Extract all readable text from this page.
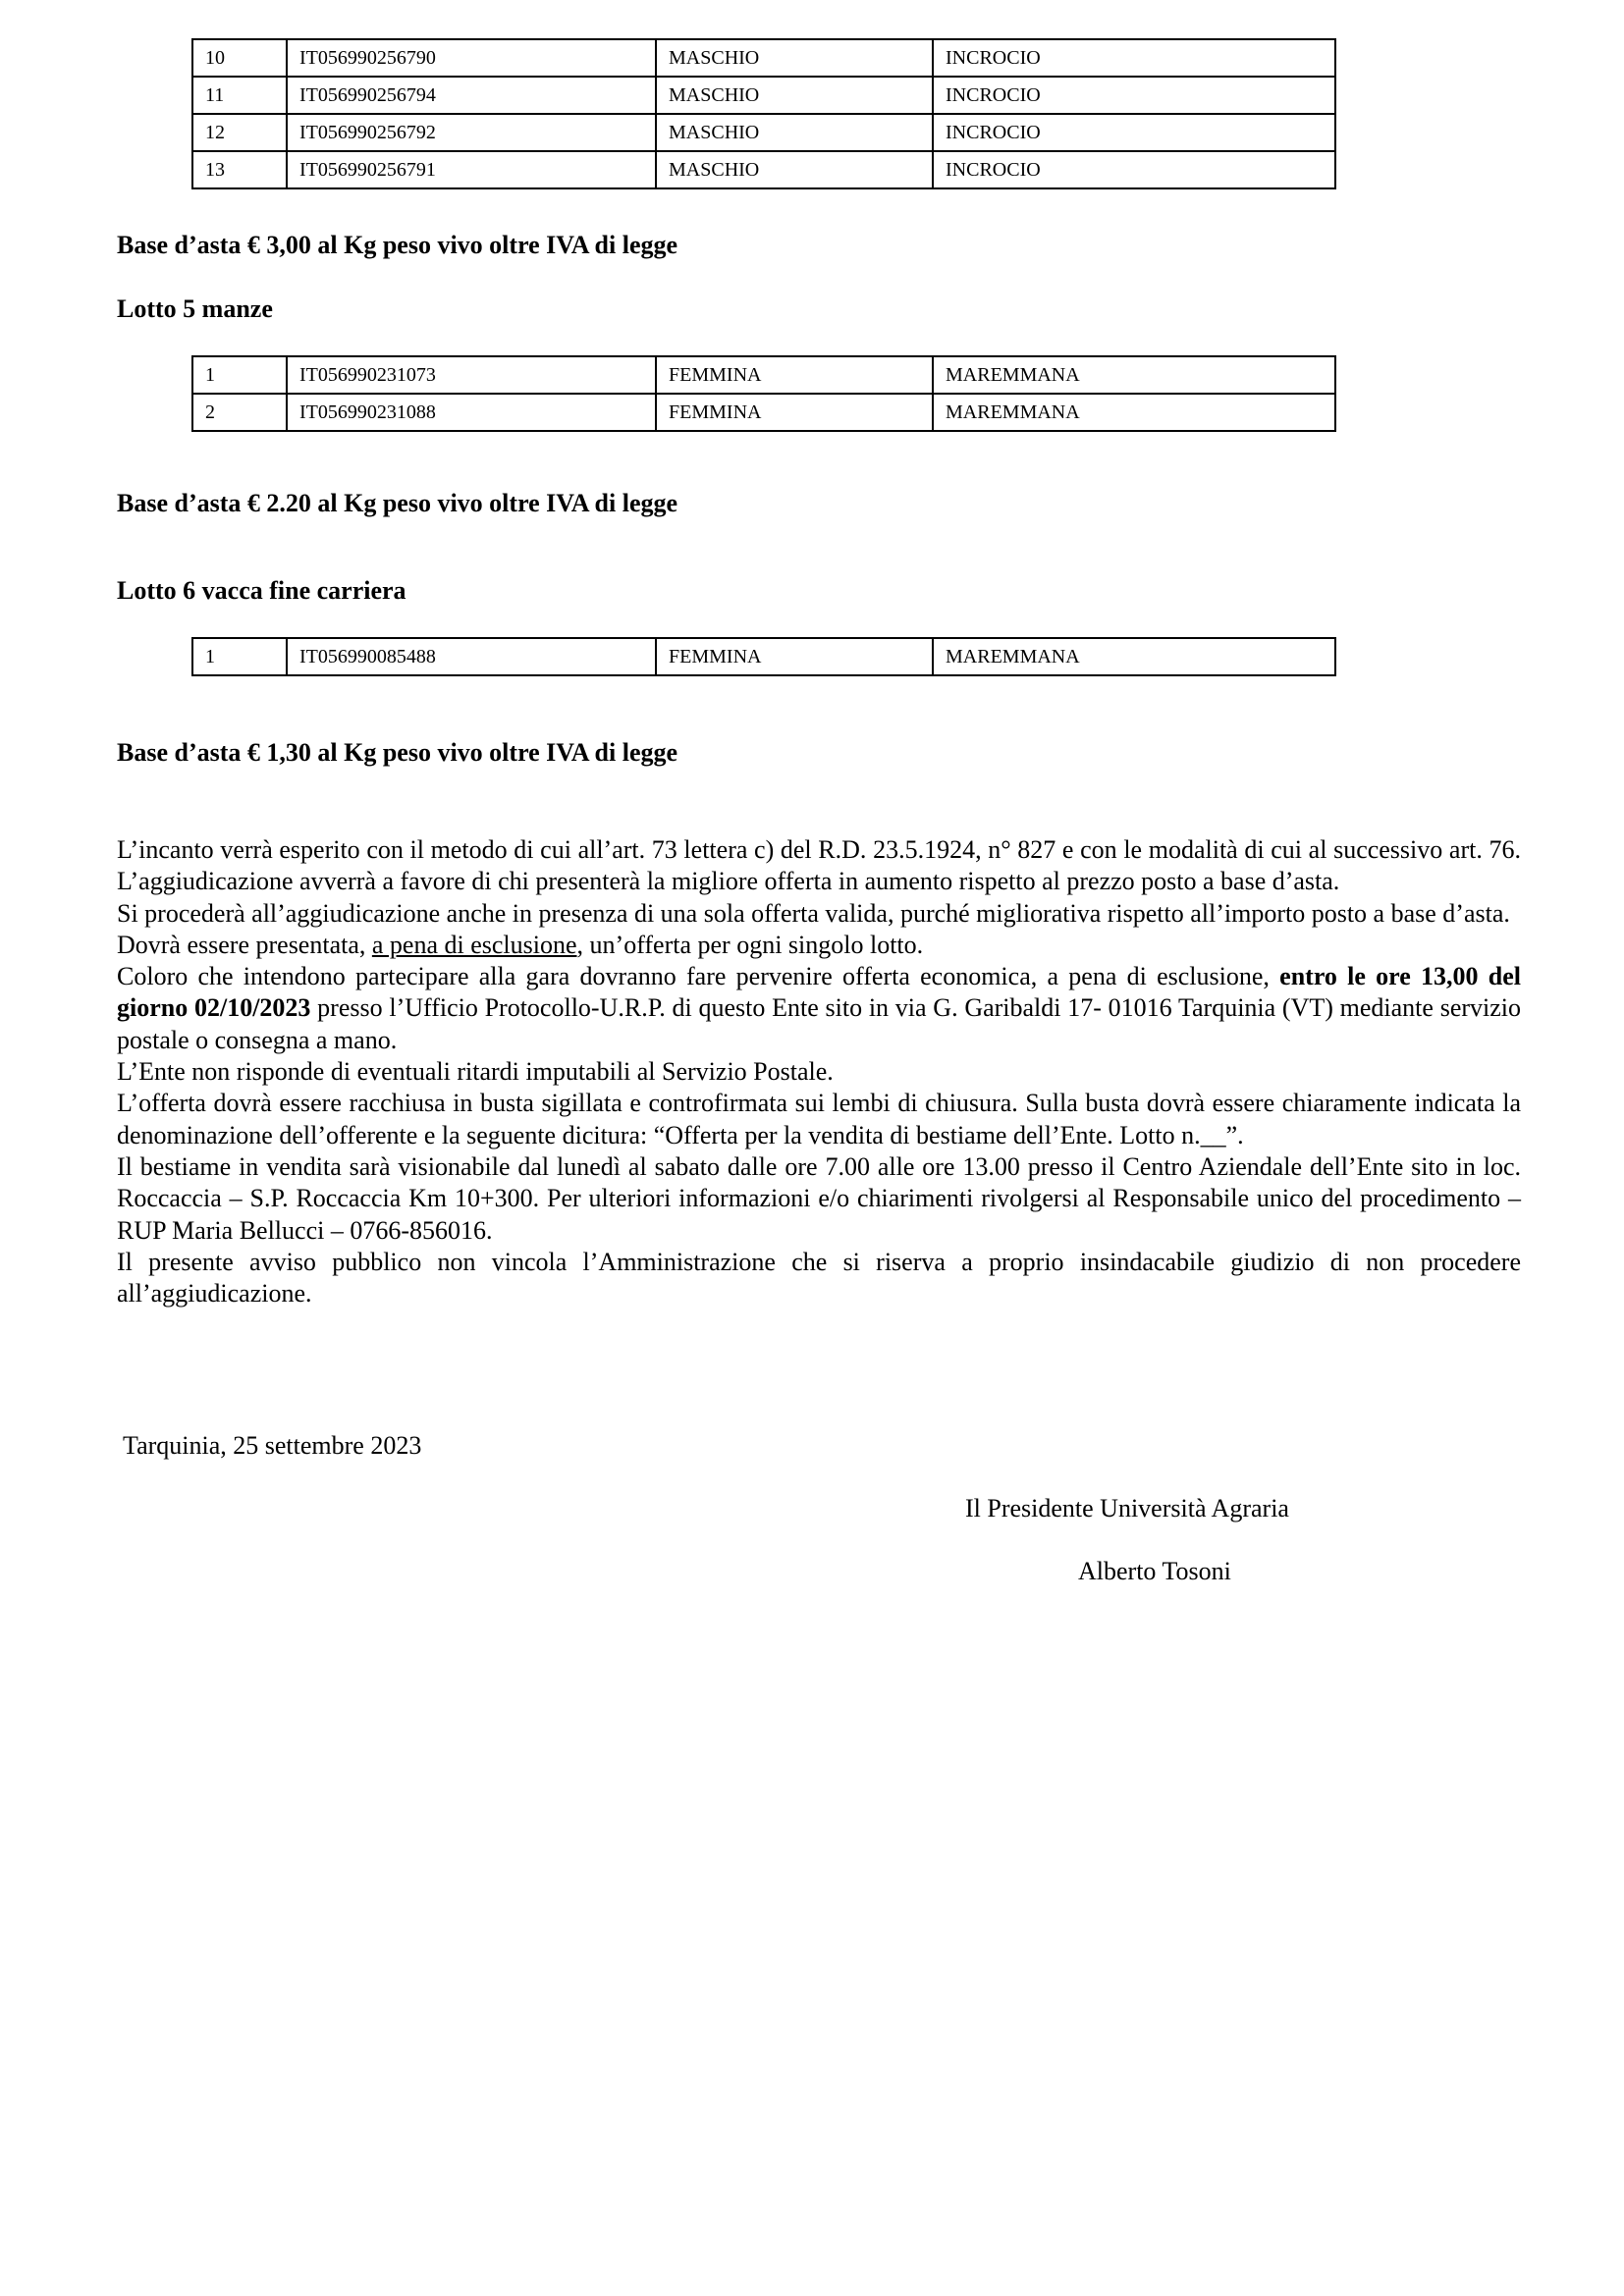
10	IT056990256790	MASCHIO	INCROCIO
11	IT056990256794	MASCHIO	INCROCIO
12	IT056990256792	MASCHIO	INCROCIO
13	IT056990256791	MASCHIO	INCROCIO
Base d’asta € 3,00 al Kg peso vivo oltre IVA di legge
Lotto 5 manze
1	IT056990231073	FEMMINA	MAREMMANA
2	IT056990231088	FEMMINA	MAREMMANA
Base d’asta € 2.20 al Kg peso vivo oltre IVA di legge
Lotto 6 vacca fine carriera
1	IT056990085488	FEMMINA	MAREMMANA
Base d’asta € 1,30 al Kg peso vivo oltre IVA di legge

L’incanto verrà esperito con il metodo di cui all’art. 73 lettera c) del R.D. 23.5.1924, n° 827 e con le modalità di cui al successivo art. 76. L’aggiudicazione avverrà a favore di chi presenterà la migliore offerta in aumento rispetto al prezzo posto a base d’asta.

Si procederà all’aggiudicazione anche in presenza di una sola offerta valida, purché migliorativa rispetto all’importo posto a base d’asta.

Dovrà essere presentata, a pena di esclusione, un’offerta per ogni singolo lotto.

Coloro che intendono partecipare alla gara dovranno fare pervenire offerta economica, a pena di esclusione, entro le ore 13,00 del giorno 02/10/2023 presso l’Ufficio Protocollo-U.R.P. di questo Ente sito in via G. Garibaldi 17- 01016 Tarquinia (VT) mediante servizio postale o consegna a mano.

L’Ente non risponde di eventuali ritardi imputabili al Servizio Postale.

L’offerta dovrà essere racchiusa in busta sigillata e controfirmata sui lembi di chiusura. Sulla busta dovrà essere chiaramente indicata la denominazione dell’offerente e la seguente dicitura: “Offerta per la vendita di bestiame dell’Ente. Lotto n.__”.

Il bestiame in vendita sarà visionabile dal lunedì al sabato dalle ore 7.00 alle ore 13.00 presso il Centro Aziendale dell’Ente sito in loc. Roccaccia – S.P. Roccaccia Km 10+300. Per ulteriori informazioni e/o chiarimenti rivolgersi al Responsabile unico del procedimento – RUP Maria Bellucci – 0766-856016.

Il presente avviso pubblico non vincola l’Amministrazione che si riserva a proprio insindacabile giudizio di non procedere all’aggiudicazione.

Tarquinia, 25 settembre 2023
Il Presidente Università Agraria
Alberto Tosoni
